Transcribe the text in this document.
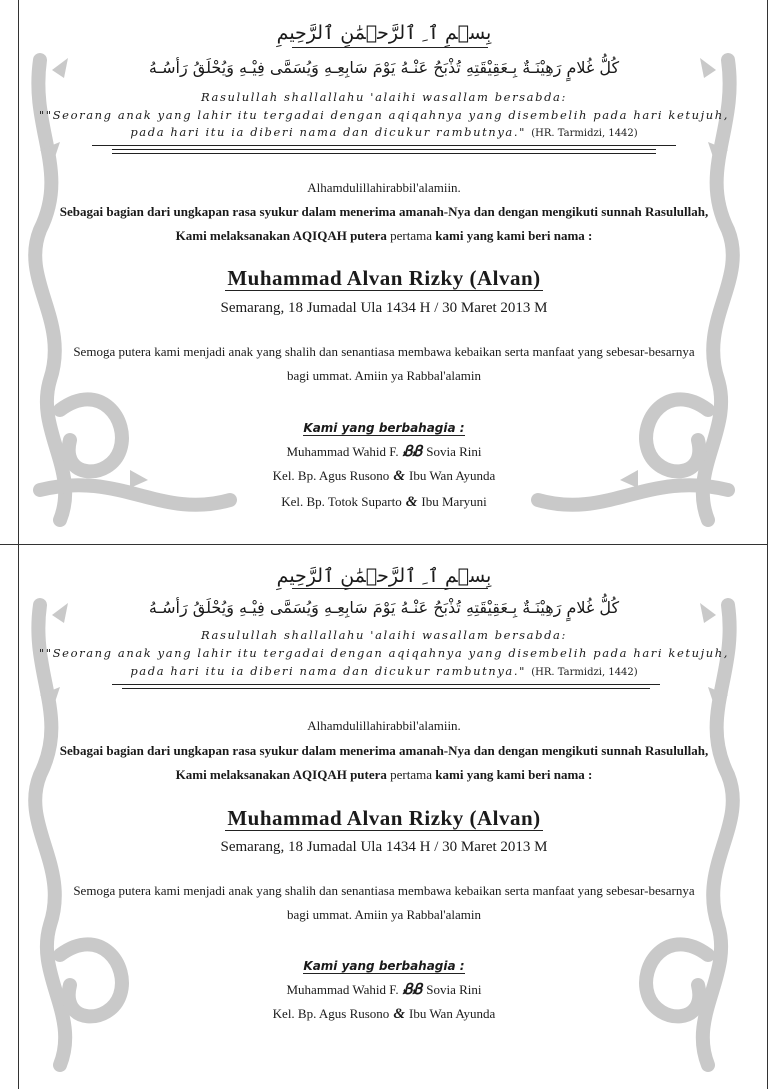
بِسۡمِ ٱ ِ ٱلرَّحۡمَٰنِ ٱلرَّحِيمِ
كُلُّ غُلامٍ رَهِيْنَـةٌ بِـعَقِيْقَتِهِ تُذْبَحُ عَنْـهُ يَوْمَ سَابِعِـهِ وَيُسَمَّى فِيْـهِ وَيُحْلَقُ رَأسُـهُ
Rasulullah shallallahu 'alaihi wasallam bersabda:
""Seorang anak yang lahir itu tergadai dengan aqiqahnya yang disembelih pada hari ketujuh,
pada hari itu ia diberi nama dan dicukur rambutnya." (HR. Tarmidzi, 1442)
Alhamdulillahirabbil'alamiin.
Sebagai bagian dari ungkapan rasa syukur dalam menerima amanah-Nya dan dengan mengikuti sunnah Rasulullah,
Kami melaksanakan AQIQAH putera pertama kami yang kami beri nama :
Muhammad Alvan Rizky (Alvan)
Semarang, 18 Jumadal Ula 1434 H / 30 Maret 2013 M
Semoga putera kami menjadi anak yang shalih dan senantiasa membawa kebaikan serta manfaat yang sebesar-besarnya
bagi ummat. Amiin ya Rabbal'alamin
Kami yang berbahagia :
Muhammad Wahid F. ᏰᏰ Sovia Rini
Kel. Bp. Agus Rusono & Ibu Wan Ayunda
Kel. Bp. Totok Suparto & Ibu Maryuni
بِسۡمِ ٱ ِ ٱلرَّحۡمَٰنِ ٱلرَّحِيمِ
كُلُّ غُلامٍ رَهِيْنَـةٌ بِـعَقِيْقَتِهِ تُذْبَحُ عَنْـهُ يَوْمَ سَابِعِـهِ وَيُسَمَّى فِيْـهِ وَيُحْلَقُ رَأسُـهُ
Rasulullah shallallahu 'alaihi wasallam bersabda:
""Seorang anak yang lahir itu tergadai dengan aqiqahnya yang disembelih pada hari ketujuh,
pada hari itu ia diberi nama dan dicukur rambutnya." (HR. Tarmidzi, 1442)
Alhamdulillahirabbil'alamiin.
Sebagai bagian dari ungkapan rasa syukur dalam menerima amanah-Nya dan dengan mengikuti sunnah Rasulullah,
Kami melaksanakan AQIQAH putera pertama kami yang kami beri nama :
Muhammad Alvan Rizky (Alvan)
Semarang, 18 Jumadal Ula 1434 H / 30 Maret 2013 M
Semoga putera kami menjadi anak yang shalih dan senantiasa membawa kebaikan serta manfaat yang sebesar-besarnya
bagi ummat. Amiin ya Rabbal'alamin
Kami yang berbahagia :
Muhammad Wahid F. ᏰᏰ Sovia Rini
Kel. Bp. Agus Rusono & Ibu Wan Ayunda
